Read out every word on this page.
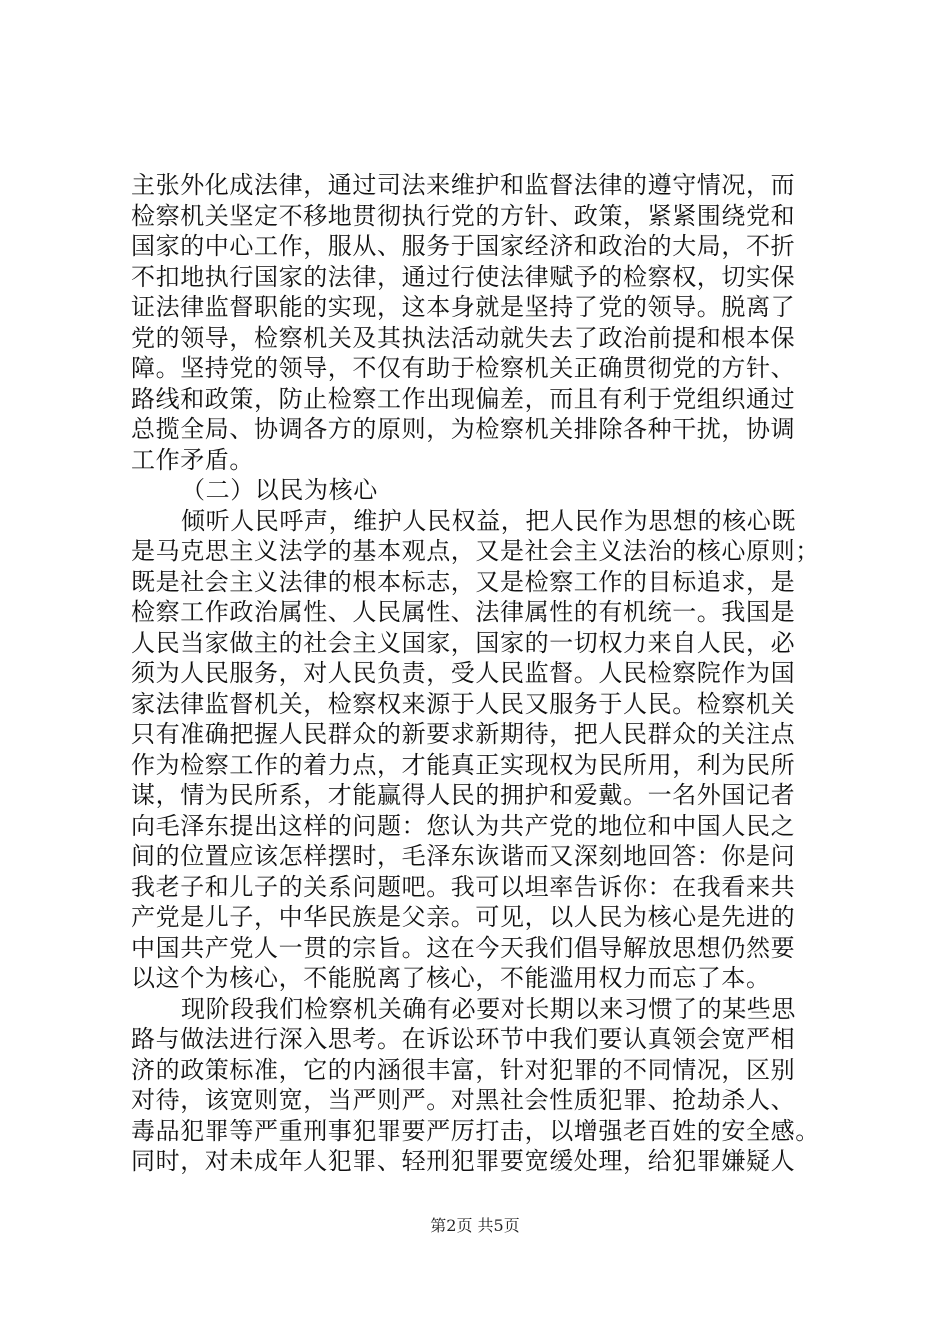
主张外化成法律，通过司法来维护和监督法律的遵守情况，而
检察机关坚定不移地贯彻执行党的方针、政策，紧紧围绕党和
国家的中心工作，服从、服务于国家经济和政治的大局，不折
不扣地执行国家的法律，通过行使法律赋予的检察权，切实保
证法律监督职能的实现，这本身就是坚持了党的领导。脱离了
党的领导，检察机关及其执法活动就失去了政治前提和根本保
障。坚持党的领导，不仅有助于检察机关正确贯彻党的方针、
路线和政策，防止检察工作出现偏差，而且有利于党组织通过
总揽全局、协调各方的原则，为检察机关排除各种干扰，协调
工作矛盾。
（二）以民为核心
倾听人民呼声，维护人民权益，把人民作为思想的核心既
是马克思主义法学的基本观点，又是社会主义法治的核心原则；
既是社会主义法律的根本标志，又是检察工作的目标追求，是
检察工作政治属性、人民属性、法律属性的有机统一。我国是
人民当家做主的社会主义国家，国家的一切权力来自人民，必
须为人民服务，对人民负责，受人民监督。人民检察院作为国
家法律监督机关，检察权来源于人民又服务于人民。检察机关
只有准确把握人民群众的新要求新期待，把人民群众的关注点
作为检察工作的着力点，才能真正实现权为民所用，利为民所
谋，情为民所系，才能赢得人民的拥护和爱戴。一名外国记者
向毛泽东提出这样的问题：您认为共产党的地位和中国人民之
间的位置应该怎样摆时，毛泽东诙谐而又深刻地回答：你是问
我老子和儿子的关系问题吧。我可以坦率告诉你：在我看来共
产党是儿子，中华民族是父亲。可见，以人民为核心是先进的
中国共产党人一贯的宗旨。这在今天我们倡导解放思想仍然要
以这个为核心，不能脱离了核心，不能滥用权力而忘了本。
现阶段我们检察机关确有必要对长期以来习惯了的某些思
路与做法进行深入思考。在诉讼环节中我们要认真领会宽严相
济的政策标准，它的内涵很丰富，针对犯罪的不同情况，区别
对待，该宽则宽，当严则严。对黑社会性质犯罪、抢劫杀人、
毒品犯罪等严重刑事犯罪要严厉打击，以增强老百姓的安全感。
同时，对未成年人犯罪、轻刑犯罪要宽缓处理，给犯罪嫌疑人
第2页 共5页
